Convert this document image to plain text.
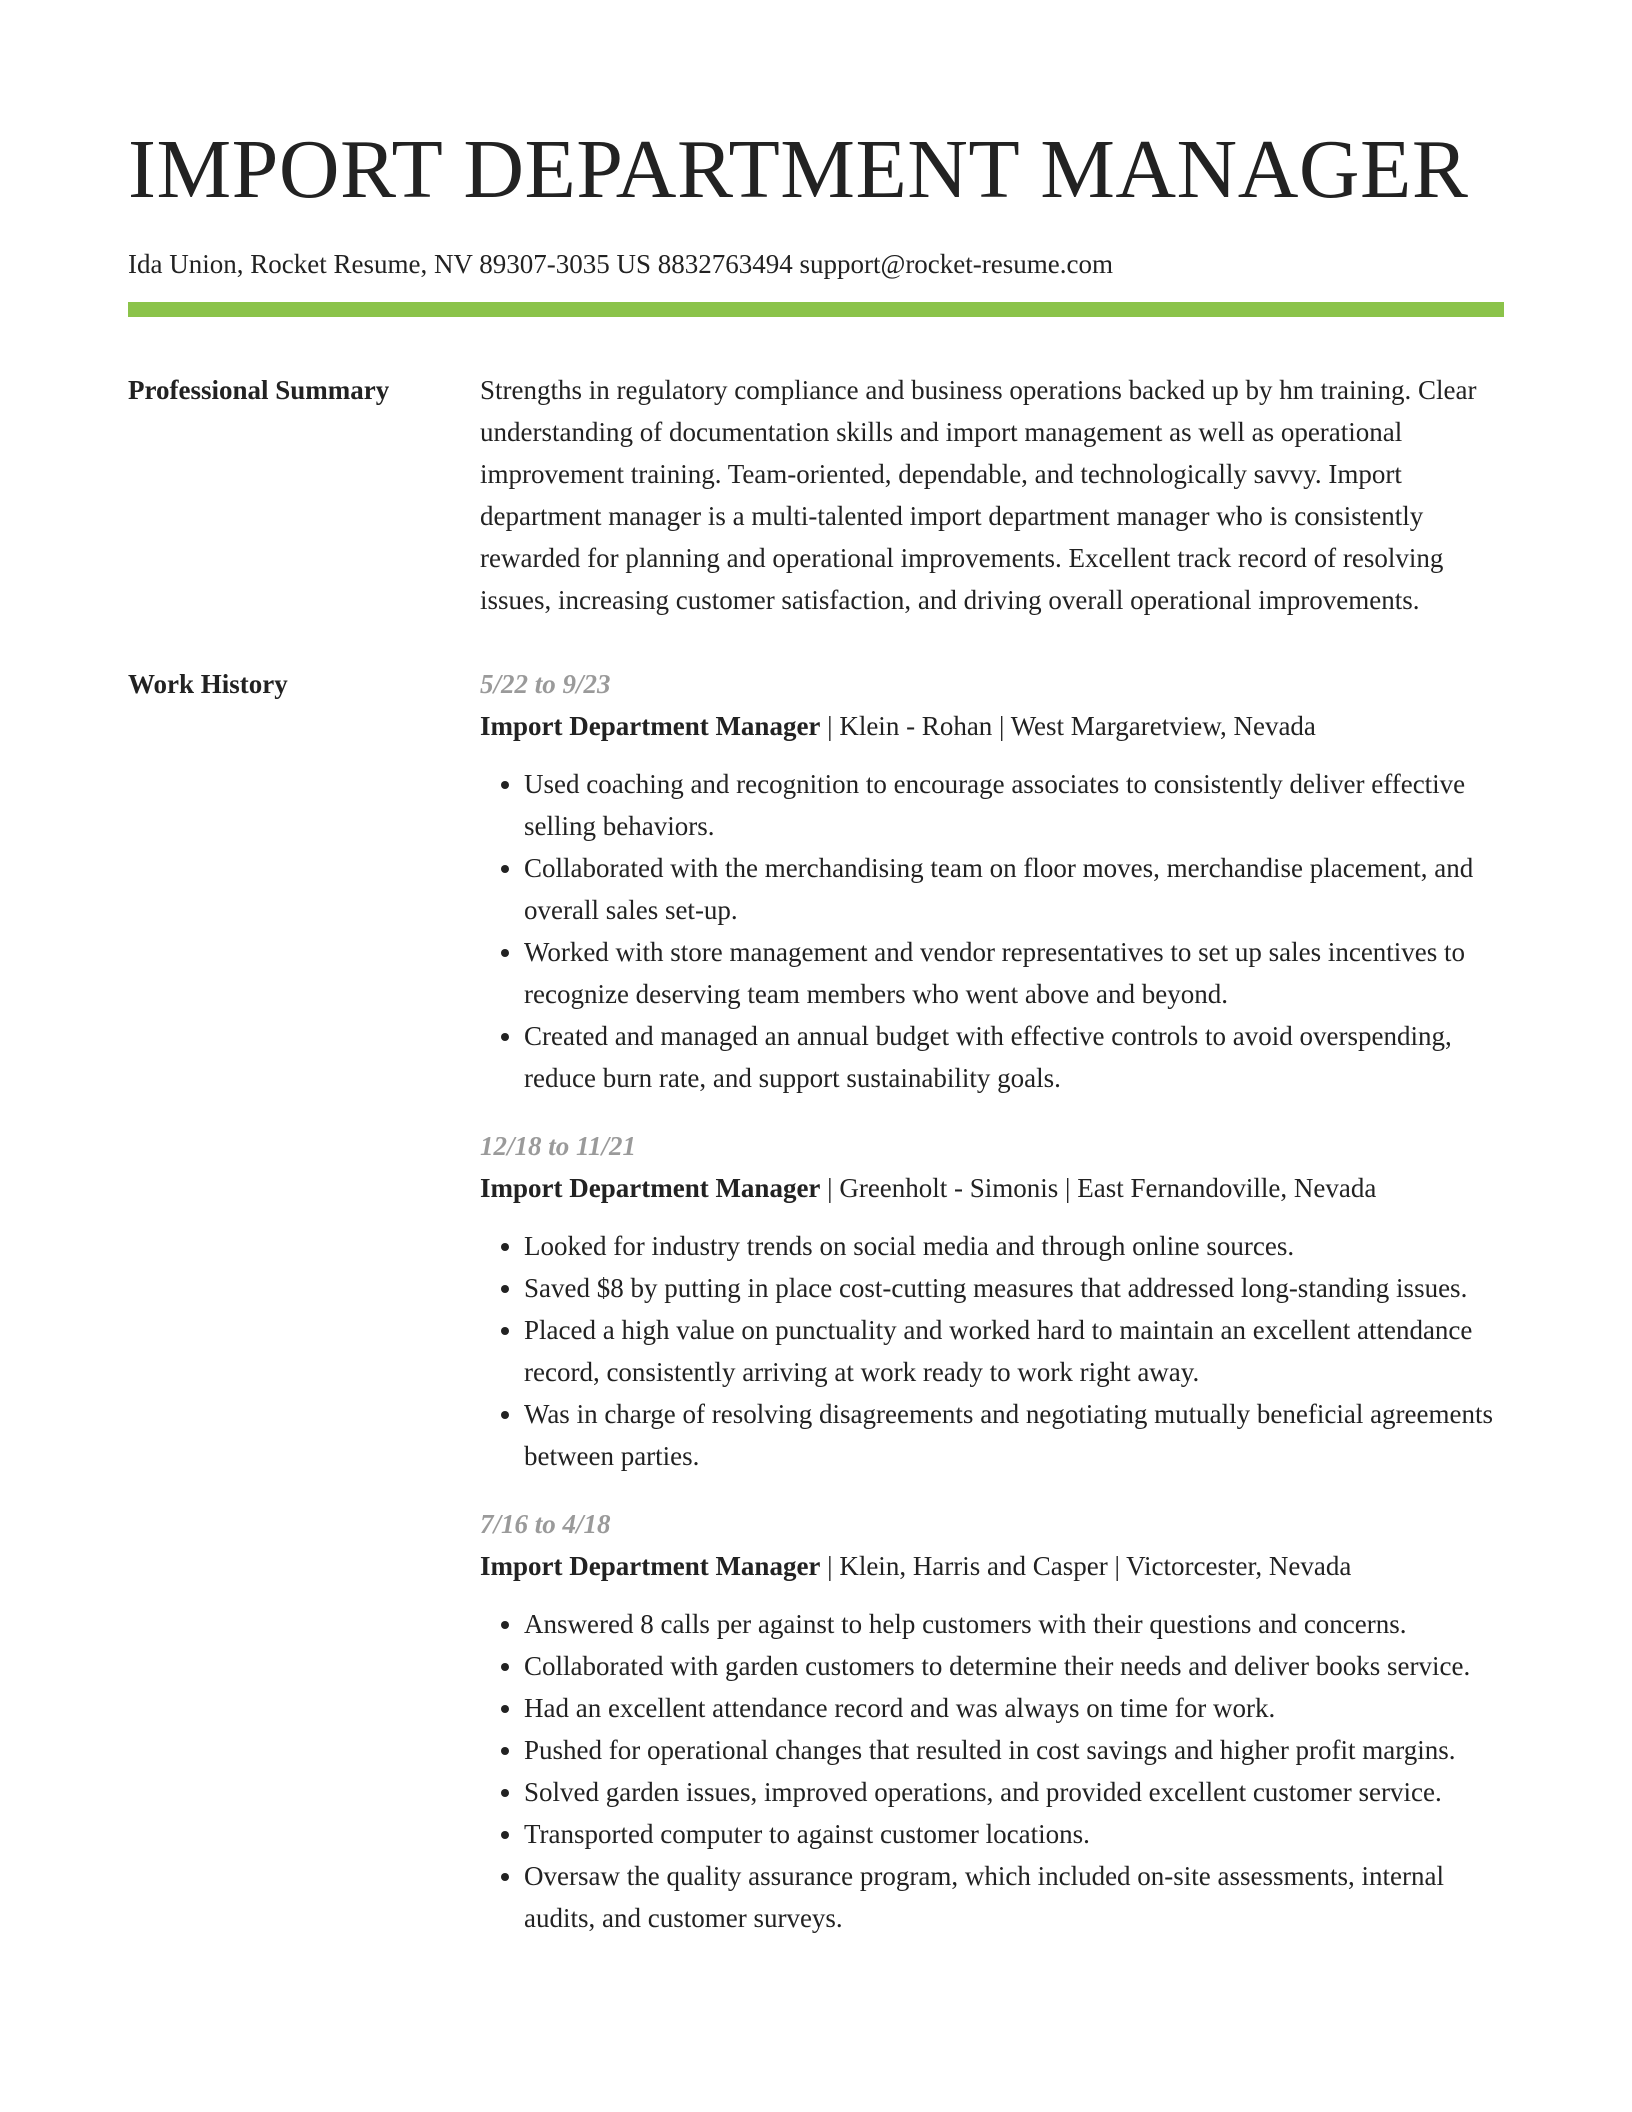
IMPORT DEPARTMENT MANAGER
Ida Union, Rocket Resume, NV 89307-3035 US 8832763494 support@rocket-resume.com
Professional Summary	Strengths in regulatory compliance and business operations backed up by hm training. Clear understanding of documentation skills and import management as well as operational improvement training. Team-oriented, dependable, and technologically savvy. Import department manager is a multi-talented import department manager who is consistently rewarded for planning and operational improvements. Excellent track record of resolving issues, increasing customer satisfaction, and driving overall operational improvements.

Work History	5/22 to 9/23
Import Department Manager | Klein - Rohan | West Margaretview, Nevada
• Used coaching and recognition to encourage associates to consistently deliver effective selling behaviors.
• Collaborated with the merchandising team on floor moves, merchandise placement, and overall sales set-up.
• Worked with store management and vendor representatives to set up sales incentives to recognize deserving team members who went above and beyond.
• Created and managed an annual budget with effective controls to avoid overspending, reduce burn rate, and support sustainability goals.
12/18 to 11/21
Import Department Manager | Greenholt - Simonis | East Fernandoville, Nevada
• Looked for industry trends on social media and through online sources.
• Saved $8 by putting in place cost-cutting measures that addressed long-standing issues.
• Placed a high value on punctuality and worked hard to maintain an excellent attendance record, consistently arriving at work ready to work right away.
• Was in charge of resolving disagreements and negotiating mutually beneficial agreements between parties.
7/16 to 4/18
Import Department Manager | Klein, Harris and Casper | Victorcester, Nevada
• Answered 8 calls per against to help customers with their questions and concerns.
• Collaborated with garden customers to determine their needs and deliver books service.
• Had an excellent attendance record and was always on time for work.
• Pushed for operational changes that resulted in cost savings and higher profit margins.
• Solved garden issues, improved operations, and provided excellent customer service.
• Transported computer to against customer locations.
• Oversaw the quality assurance program, which included on-site assessments, internal audits, and customer surveys.
